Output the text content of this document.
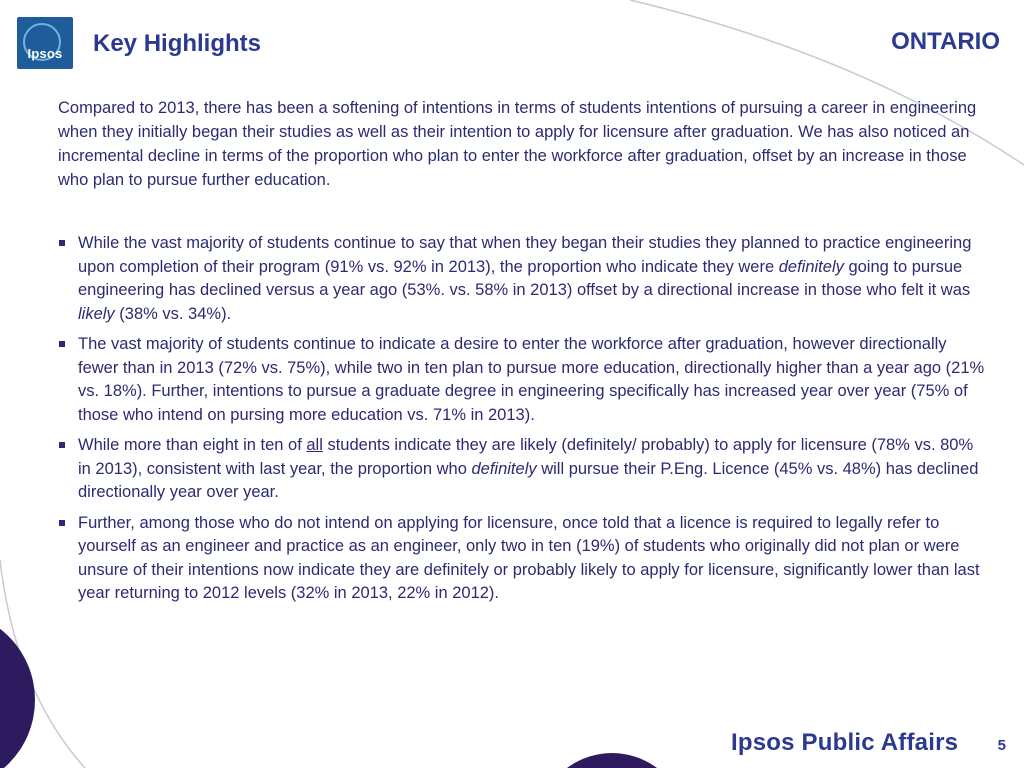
Ipsos	Key Highlights	ONTARIO

Compared to 2013, there has been a softening of intentions in terms of students intentions of pursuing a career in engineering when they initially began their studies as well as their intention to apply for licensure after graduation. We has also noticed an incremental decline in terms of the proportion who plan to enter the workforce after graduation, offset by an increase in those who plan to pursue further education.

While the vast majority of students continue to say that when they began their studies they planned to practice engineering upon completion of their program (91% vs. 92% in 2013), the proportion who indicate they were definitely going to pursue engineering has declined versus a year ago (53%. vs. 58% in 2013) offset by a directional increase in those who felt it was likely (38% vs. 34%).
The vast majority of students continue to indicate a desire to enter the workforce after graduation, however directionally fewer than in 2013 (72% vs. 75%), while two in ten plan to pursue more education, directionally higher than a year ago (21% vs. 18%). Further, intentions to pursue a graduate degree in engineering specifically has increased year over year (75% of those who intend on pursing more education vs. 71% in 2013).
While more than eight in ten of all students indicate they are likely (definitely/ probably) to apply for licensure (78% vs. 80% in 2013), consistent with last year, the proportion who definitely will pursue their P.Eng. Licence (45% vs. 48%) has declined directionally year over year.
Further, among those who do not intend on applying for licensure, once told that a licence is required to legally refer to yourself as an engineer and practice as an engineer, only two in ten (19%) of students who originally did not plan or were unsure of their intentions now indicate they are definitely or probably likely to apply for licensure, significantly lower than last year returning to 2012 levels (32% in 2013, 22% in 2012).
Ipsos Public Affairs	5
